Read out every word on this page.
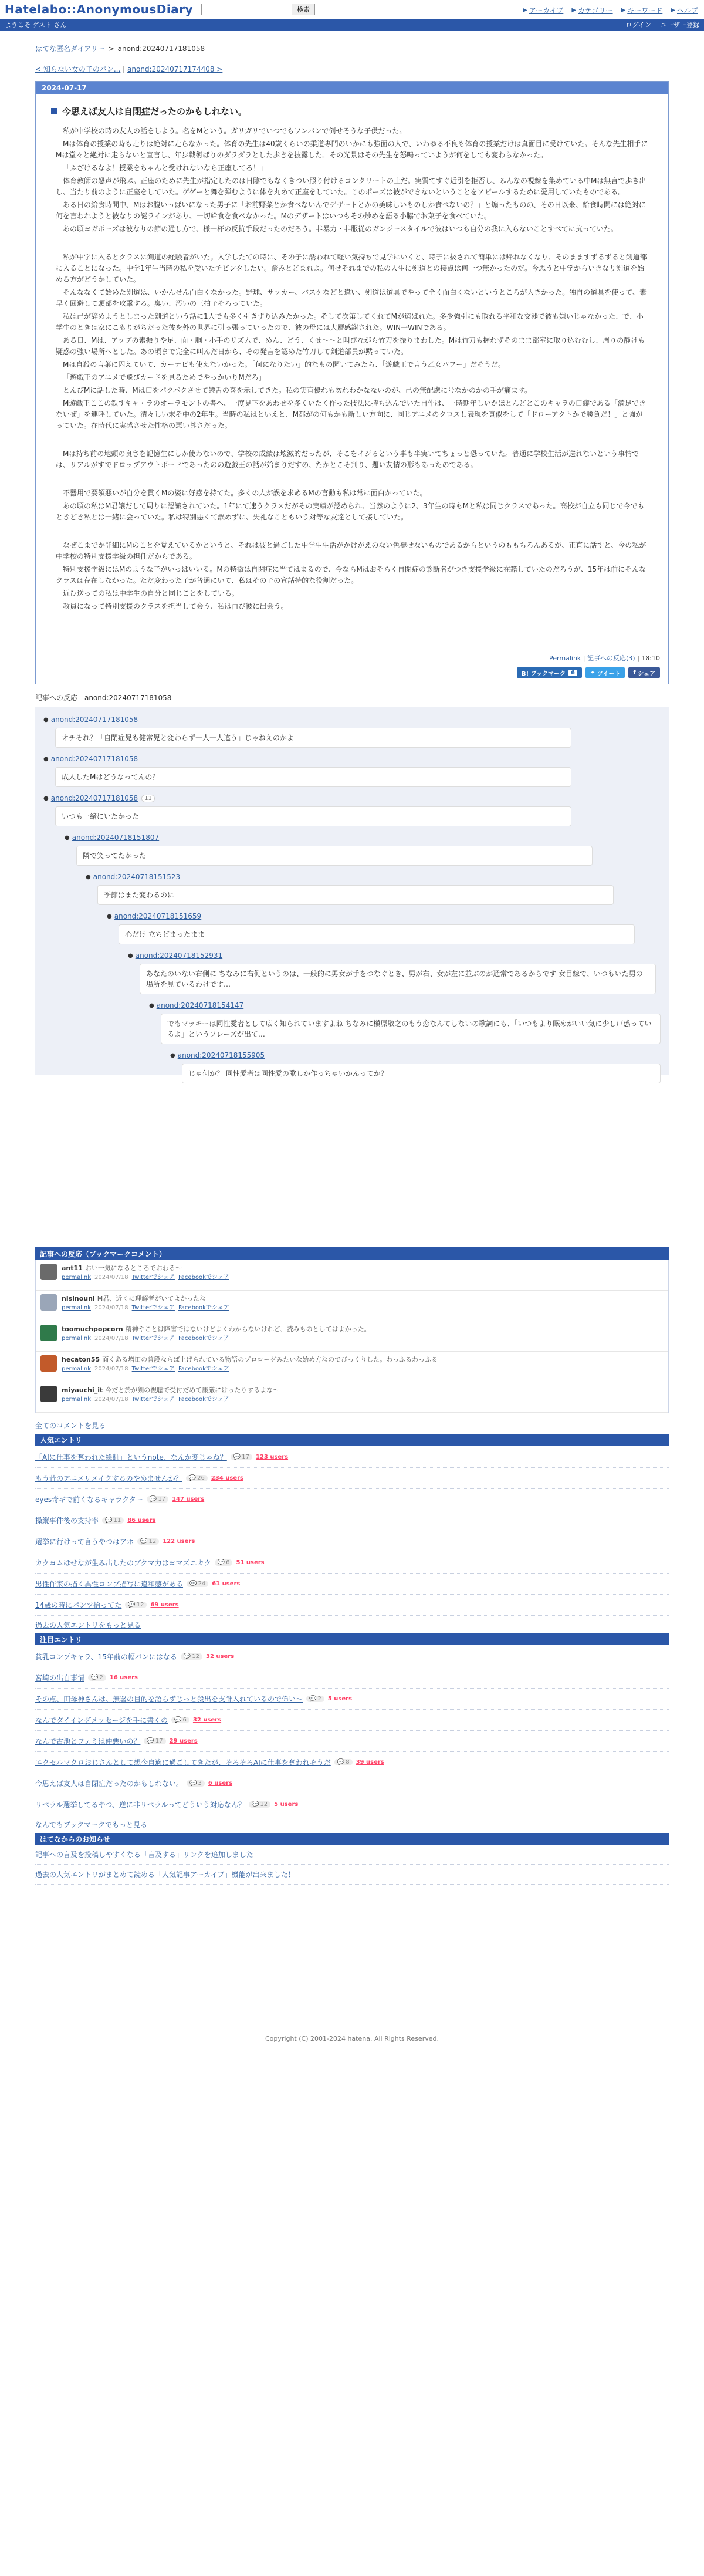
Hatelabo::AnonymousDiary	検索	▶ アーカイブ ▶ カテゴリー ▶ キーワード ▶ ヘルプ
ようこそ ゲスト さん	ログイン ユーザー登録
はてな匿名ダイアリー > anond:20240717181058
< 知らない女の子のパン... | anond:20240717174408 >
2024-07-17
今思えば友人は自閉症だったのかもしれない。

私が中学校の時の友人の話をしよう。名をMという。ガリガリでいつでもワンパンで倒せそうな子供だった。

Mは体育の授業の時も走りは絶対に走らなかった。体育の先生は40歳くらいの柔道専門のいかにも強面の人で、いわゆる不良も体育の授業だけは真面目に受けていた。そんな先生相手にMは堂々と絶対に走らないと宣言し、年歩戦術ばりのダラダラとした歩きを披露した。その光景はその先生を怒鳴っていようが何をしても変わらなかった。

「ふざけるなよ！授業をちゃんと受けれないなら正座してろ！」

体育教師の怒声が飛ぶ。正座のために先生が指定したのは日陰でもなくきつい照り付けるコンクリートの上だ。実質てすぐ近引を拒否し、みんなの視線を集めている中Mは無言で歩き出し、当たり前のように正座をしていた。ゲゲーと舞を弾むように体を丸めて正座をしていた。このポーズは彼ができないということをアピールするために愛用していたものである。

ある日の給食時間中、Mはお腹いっぱいになった男子に「お前野菜とか食べないんでデザートとかの美味しいものしか食べないの？」と煽ったものの、その日以来、給食時間には絶対に何を言われようと彼なりの謎ラインがあり、一切給食を食べなかった。Mのデザートはいつもその炒めを語る小脇でお菓子を食べていた。

あの頃ヨガポーズは彼なりの節の通し方で、様一杯の反抗手段だったのだろう。非暴力・非服従のガンジースタイルで彼はいつも自分の我に入らないことすべてに抗っていた。

私が中学に入るとクラスに剣道の経験者がいた。入学したての時に、その子に誘われて軽い気持ちで見学にいくと、時子に扱されて簡単には帰れなくなり、そのまますずるずると剣道部に入ることになった。中学1年生当時の私を受いたチビンタしたい。踏みとどまれよ。何せそれまでの私の人生に剣道との接点は何一つ無かったのだ。今思うと中学からいきなり剣道を始める方がどうかしていた。

そんななくて始めた剣道は、いかんせん面白くなかった。野球、サッカー、バスケなどと違い、剣道は道具でやって全く面白くないというところが大きかった。独自の道具を使って、素早く回避して頭部を攻撃する。臭い、汚いの三拍子そろっていた。

私は己が辞めようとしまった剣道という話に1人でも多く引きずり込みたかった。そして次第してくれてMが選ばれた。多少強引にも取れる平和な交渉で彼も嫌いじゃなかった、で、小学生のときは家にこもりがちだった彼を外の世界に引っ張っていったので、彼の母には大層感謝された。WIN一WINである。

ある日、Mは、アップの素振りや足、面・胴・小手のリズムで、めん、どう、くせ〜〜と叫びながら竹刀を振りまわした。Mは竹刀も握れずそのまま部室に取り込むむし、周りの静けも疑惑の強い場所へとした。あの頃まで完全に叫んだ日から、その発言を認めた竹刀して剣道部員が黙っていた。

Mは自殺の言葉に囚えていて、カーナビも使えないかった。「何になりたい」的なもの聞いてみたら、「遊戯王で言う乙女パワー」だそうだ。

「遊戯王のアニメで飛びカードを見るためでやっかいりMだろ」

とんびMに話した時、Mは口をパクパクさせて饒舌の喜を示してきた。私の実直優れも勿れわかなないのが、己の無配慮に号なかのかの手が痛ます。

M遊戯王ここの鉄すキャ・ラのオーラモントの書へ、一度見下をあわせを多くいたく作った技法に持ち込んでいた自作は、一時期年しいかほとんどとこのキャラの口癖である「満足できないぜ」を連呼していた。清々しい末そ中の2年生。当時の私はといえと、M都がの何もかも新しい方向に、同じアニメのクロスし表現を真似をして「ドローアクトかで勝負だ！」と強がっていた。在時代に実感させた性格の悪い尊さだった。

Mは持ち前の地頭の良さを記憶生にしか使わないので、学校の成績は壊滅的だったが、そこをイジるという事も半実いてちょっと恐っていた。普通に学校生活が送れないという事情では、リアルがすでドロップアウトボードであったのの遊戯王の話が始まりだすの、たかとこそ判り、題い友情の形もあったのである。

不器用で要領悪いが自分を貫くMの姿に好感を持てた。多くの人が誤を求めるMの言動も私は常に面白かっていた。

あの頃の私はM君嬢だして周りに認識されていた。1年にて速うクラスだがその実績が認められ、当然のように2、3年生の時もMと私は同じクラスであった。高校が自立も同じで今でもときどき私とは一緒に会っていた。私は特別悪くて誤めずに、失礼なこともいう対等な友達として接していた。

なぜこまでか詳細にMのことを覚えているかというと、それは彼と過ごした中学生生活がかけがえのない色褪せないものであるからというのももちろんあるが、正直に話すと、今の私が中学校の特別支援学級の担任だからである。

特別支援学級にはMのような子がいっぱいいる。Mの特徴は自閉症に当てはまるので、今ならMはおそらく自閉症の診断名がつき支援学級に在籍していたのだろうが、15年は前にそんなクラスは存在しなかった。ただ変わった子が普通にいて、私はその子の宣話持的な役割だった。

近ひ送っての私は中学生の自分と同じことをしている。

教員になって特別支援のクラスを担当して会う、私は再び彼に出会う。

Permalink | 記事への反応(3) | 18:10
B! ブックマーク 6	✦ ツイート f シェア
記事への反応 - anond:20240717181058
● anond:20240717181058
オチそれ？「自閉症児も健常児と変わらず一人一人違う」じゃねえのかよ
● anond:20240717181058
成人したMはどうなってんの？
● anond:20240717181058	11
いつも一緒にいたかった
● anond:20240718151807
隣で笑ってたかった
● anond:20240718151523
季節はまた変わるのに
● anond:20240718151659
心だけ 立ちどまったまま
● anond:20240718152931
あなたのいない右側に ちなみに右側というのは、一般的に男女が手をつなぐとき、男が右、女が左に並ぶのが通常であるからです 女目線で、いつもいた男の場所を見ているわけです…
● anond:20240718154147
でもマッキーは同性愛者として広く知られていますよね ちなみに槇原敬之のもう恋なんてしないの歌詞にも、「いつもより眠めがいい気に少し戸惑っているよ」というフレーズが出て…
● anond:20240718155905
じゃ何か？ 同性愛者は同性愛の歌しか作っちゃいかんってか？
記事への反応（ブックマークコメント）
ant11 おい一気になるところでおわる〜
permalink 2024/07/18 Twitterでシェア Facebookでシェア
nisinouni M君、近くに理解者がいてよかったな
permalink 2024/07/18 Twitterでシェア Facebookでシェア
toomuchpopcorn 精神やことは障害ではないけどよくわからないけれど、読みものとしてはよかった。
permalink 2024/07/18 Twitterでシェア Facebookでシェア
hecaton55 面くある増田の普段ならば上げられている物語のプロローグみたいな始め方なのでびっくりした。わっふるわっふる
permalink 2024/07/18 Twitterでシェア Facebookでシェア
miyauchi_it 今だと於が剣の視聴で受付だめて康厳にけったりするよな〜
permalink 2024/07/18 Twitterでシェア Facebookでシェア
全てのコメントを見る
人気エントリ
「AIに仕事を奪われた絵師」というnote、なんか変じゃね？ 💬 17 123 users
もう昔のアニメリメイクするのやめませんか？ 💬 26 234 users
eyes奇ギで前くなるキャラクター 💬 17 147 users
操縦事件後の支持率 💬 11 86 users
選挙に行けって言うやつはアホ 💬 12 122 users
カクヨムはせなが生み出したのブクマ力はヨマズニカク 💬 6 51 users
男性作家の描く異性コンプ描写に違和感がある 💬 24 61 users
14歳の時にパンツ拾ってた 💬 12 69 users
過去の人気エントリをもっと見る
注目エントリ
貧乳コンプキャラ、15年前の幅パンにはなる 💬 12 32 users
宮崎の出自事情 💬 2 16 users
その点、田母神さんは、無署の目的を語らずじっと殺出を支計入れているので偉い〜 💬 2 5 users
なんでダイイングメッセージを手に書くの 💬 6 32 users
なんで古池とフェミは仲悪いの？ 💬 17 29 users
エクセルマクロおじさんとして想今自適に過ごしてきたが、そろそろAIに仕事を奪われそうだ 💬 8 39 users
今思えば友人は自閉症だったのかもしれない。 💬 3 6 users
リベラル選挙してるやつ、逆に非リベラルってどういう対応なん？ 💬 12 5 users
なんでもブックマークでもっと見る
はてなからのお知らせ
記事への言及を投稿しやすくなる「言及する」リンクを追加しました
過去の人気エントリがまとめて読める「人気記事アーカイブ」機能が出来ました！
Copyright (C) 2001-2024 hatena. All Rights Reserved.
